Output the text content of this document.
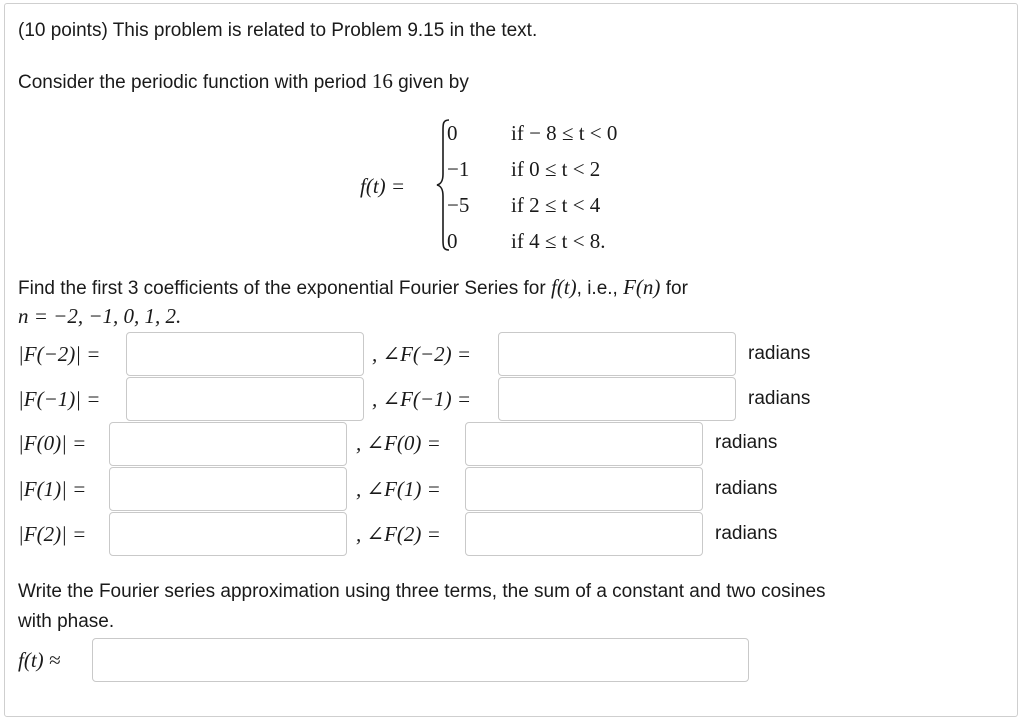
(10 points) This problem is related to Problem 9.15 in the text.
Consider the periodic function with period 16 given by
f(t) =
0	if − 8 ≤ t < 0
−1 if 0 ≤ t < 2
−5 if 2 ≤ t < 4
0	if 4 ≤ t < 8.
Find the first 3 coefficients of the exponential Fourier Series for f(t), i.e., F(n) for
n = −2, −1, 0, 1, 2.
|F(−2)| =	, ∠F(−2) =	radians
|F(−1)| =	, ∠F(−1) =	radians
|F(0)| =	, ∠F(0) =	radians
|F(1)| =	, ∠F(1) =	radians
|F(2)| =	, ∠F(2) =	radians
Write the Fourier series approximation using three terms, the sum of a constant and two cosines
with phase.
f(t) ≈
